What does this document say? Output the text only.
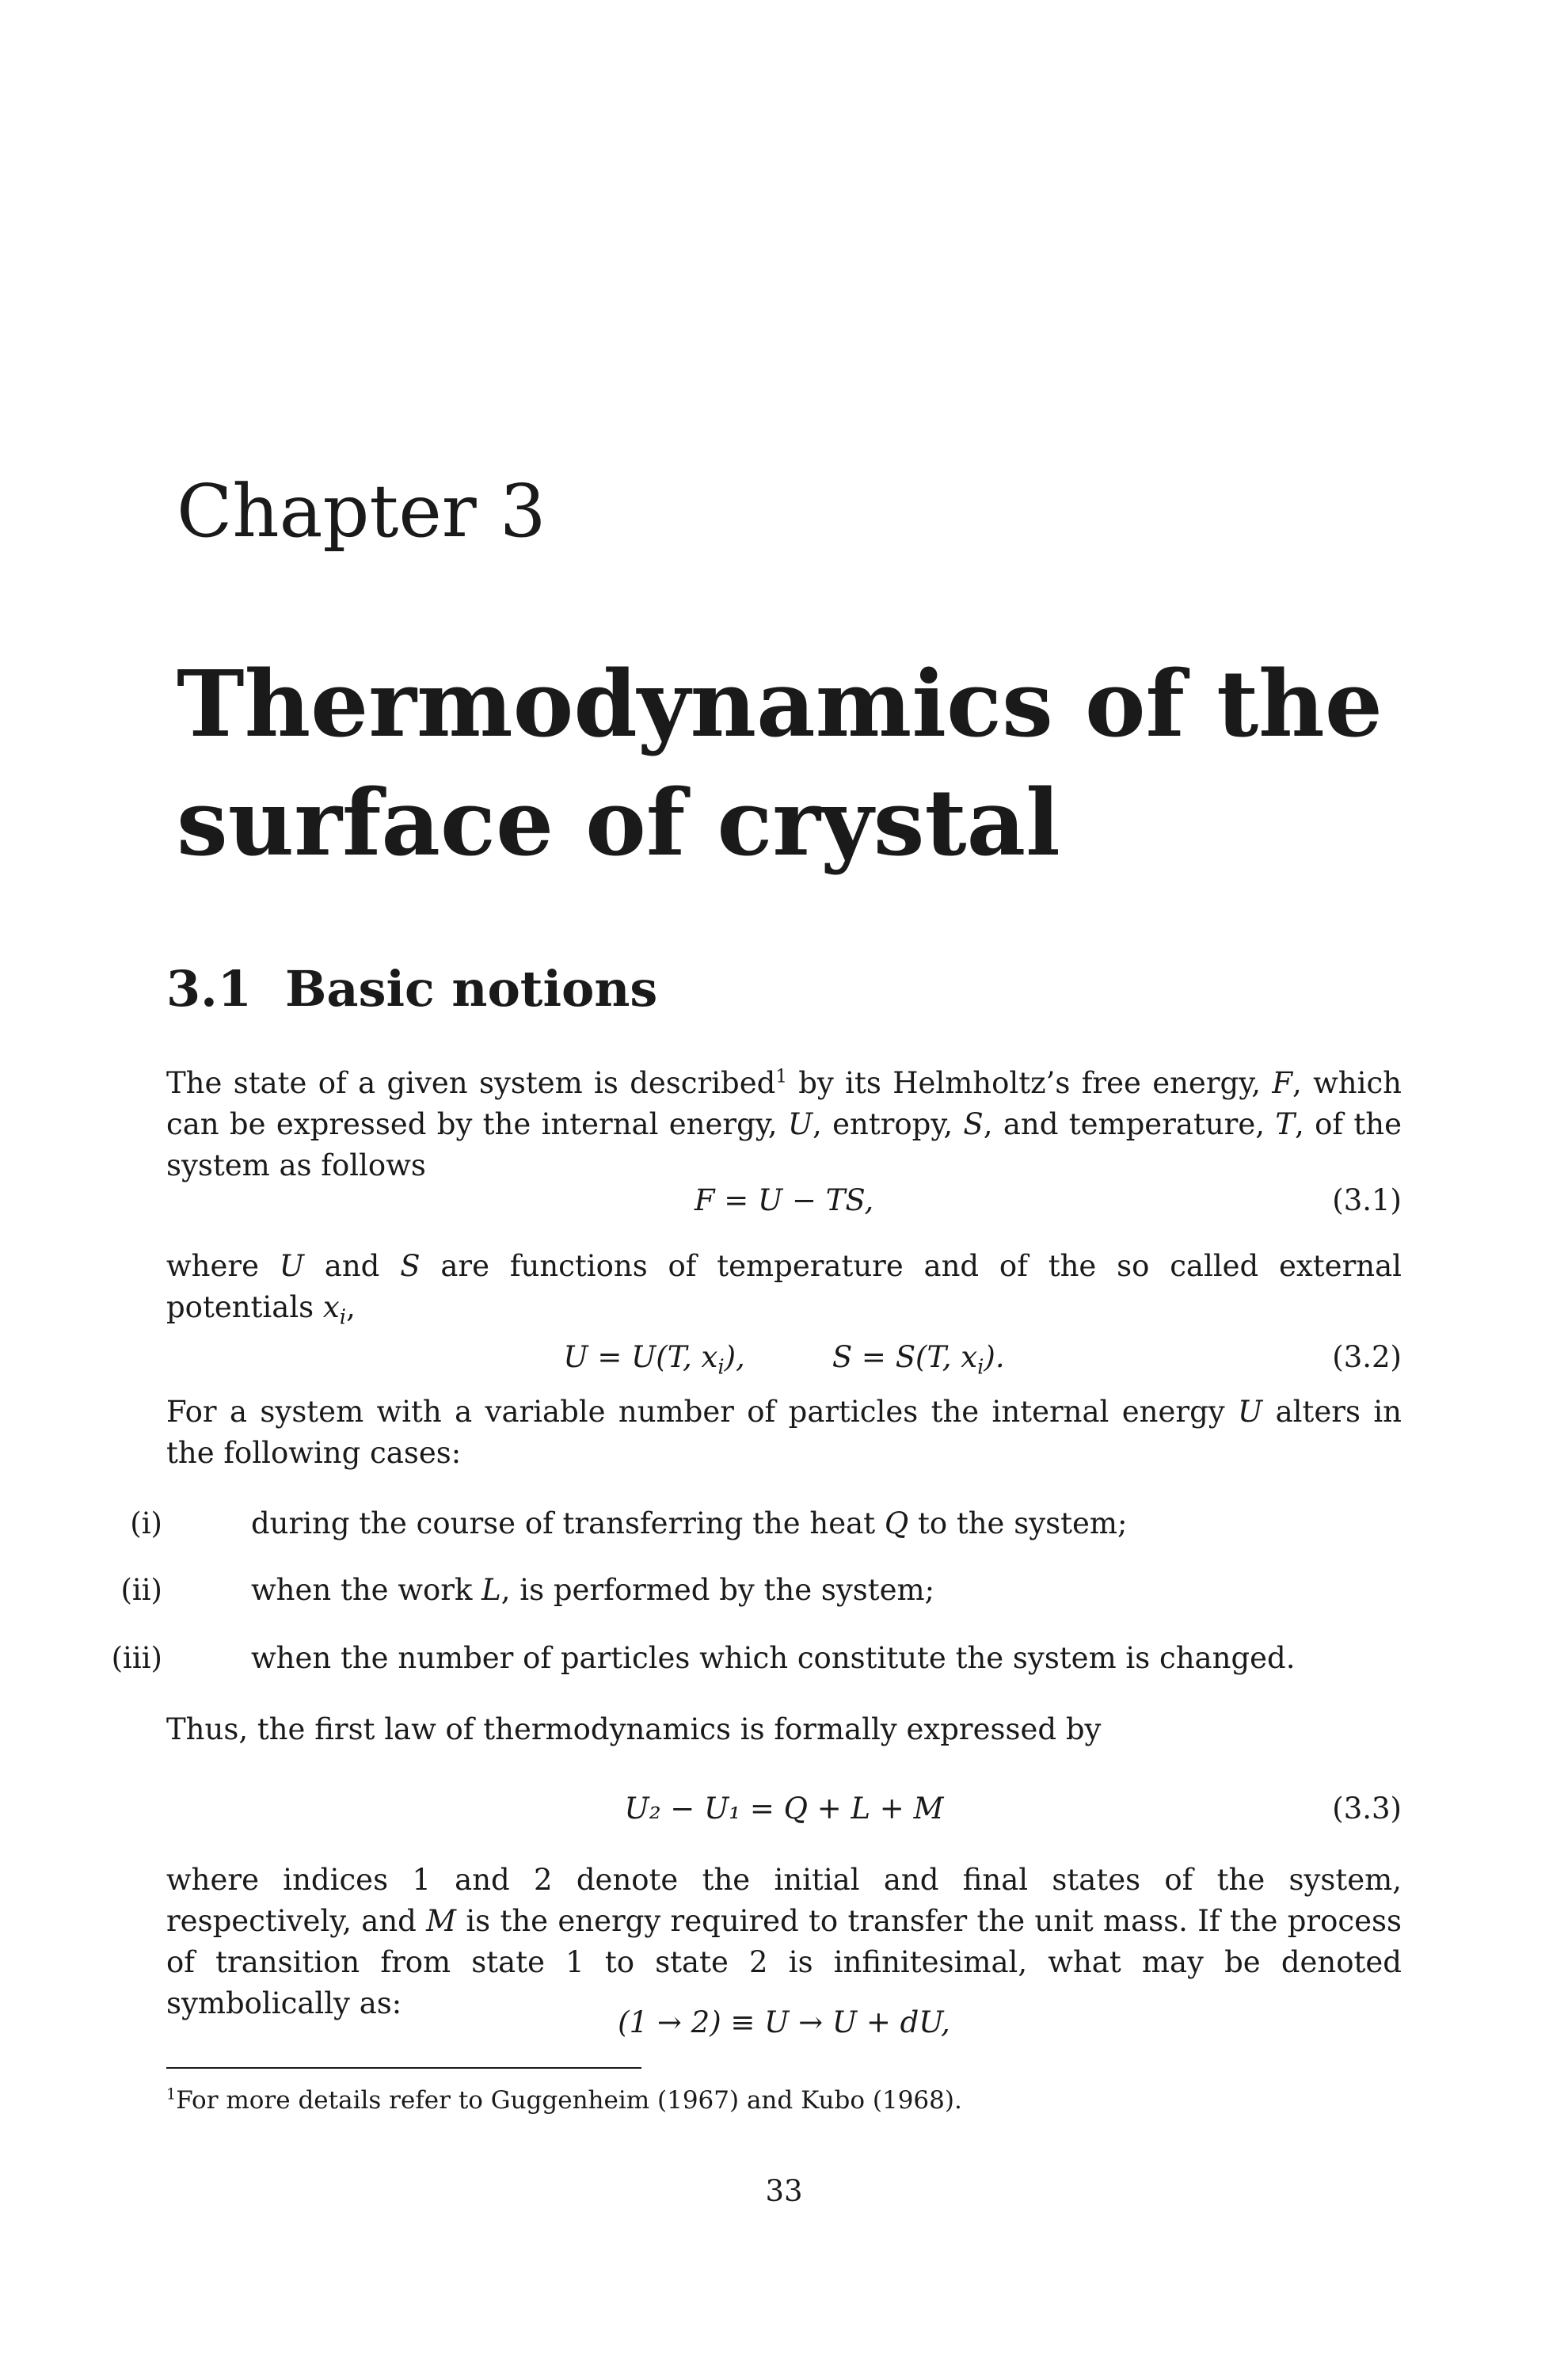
Chapter 3
Thermodynamics of the
surface of crystal
3.1 Basic notions

The state of a given system is described$^1$ by its Helmholtz’s free energy, F, which can be expressed by the internal energy, U, entropy, S, and temperature, T, of the system as follows

F = U − TS,	(3.1)

where U and S are functions of temperature and of the so called external potentials $x_i$,

U = U(T, $x_i$),	S = S(T, $x_i$).	(3.2)

For a system with a variable number of particles the internal energy U alters in the following cases:

(i)	during the course of transferring the heat Q to the system;
(ii)	when the work L, is performed by the system;
(iii)	when the number of particles which constitute the system is changed.

Thus, the first law of thermodynamics is formally expressed by

U₂ − U₁ = Q + L + M	(3.3)

where indices 1 and 2 denote the initial and final states of the system, respectively, and M is the energy required to transfer the unit mass. If the process of transition from state 1 to state 2 is infinitesimal, what may be denoted symbolically as:

(1 → 2) ≡ U → U + dU,
$^1$For more details refer to Guggenheim (1967) and Kubo (1968).
33
